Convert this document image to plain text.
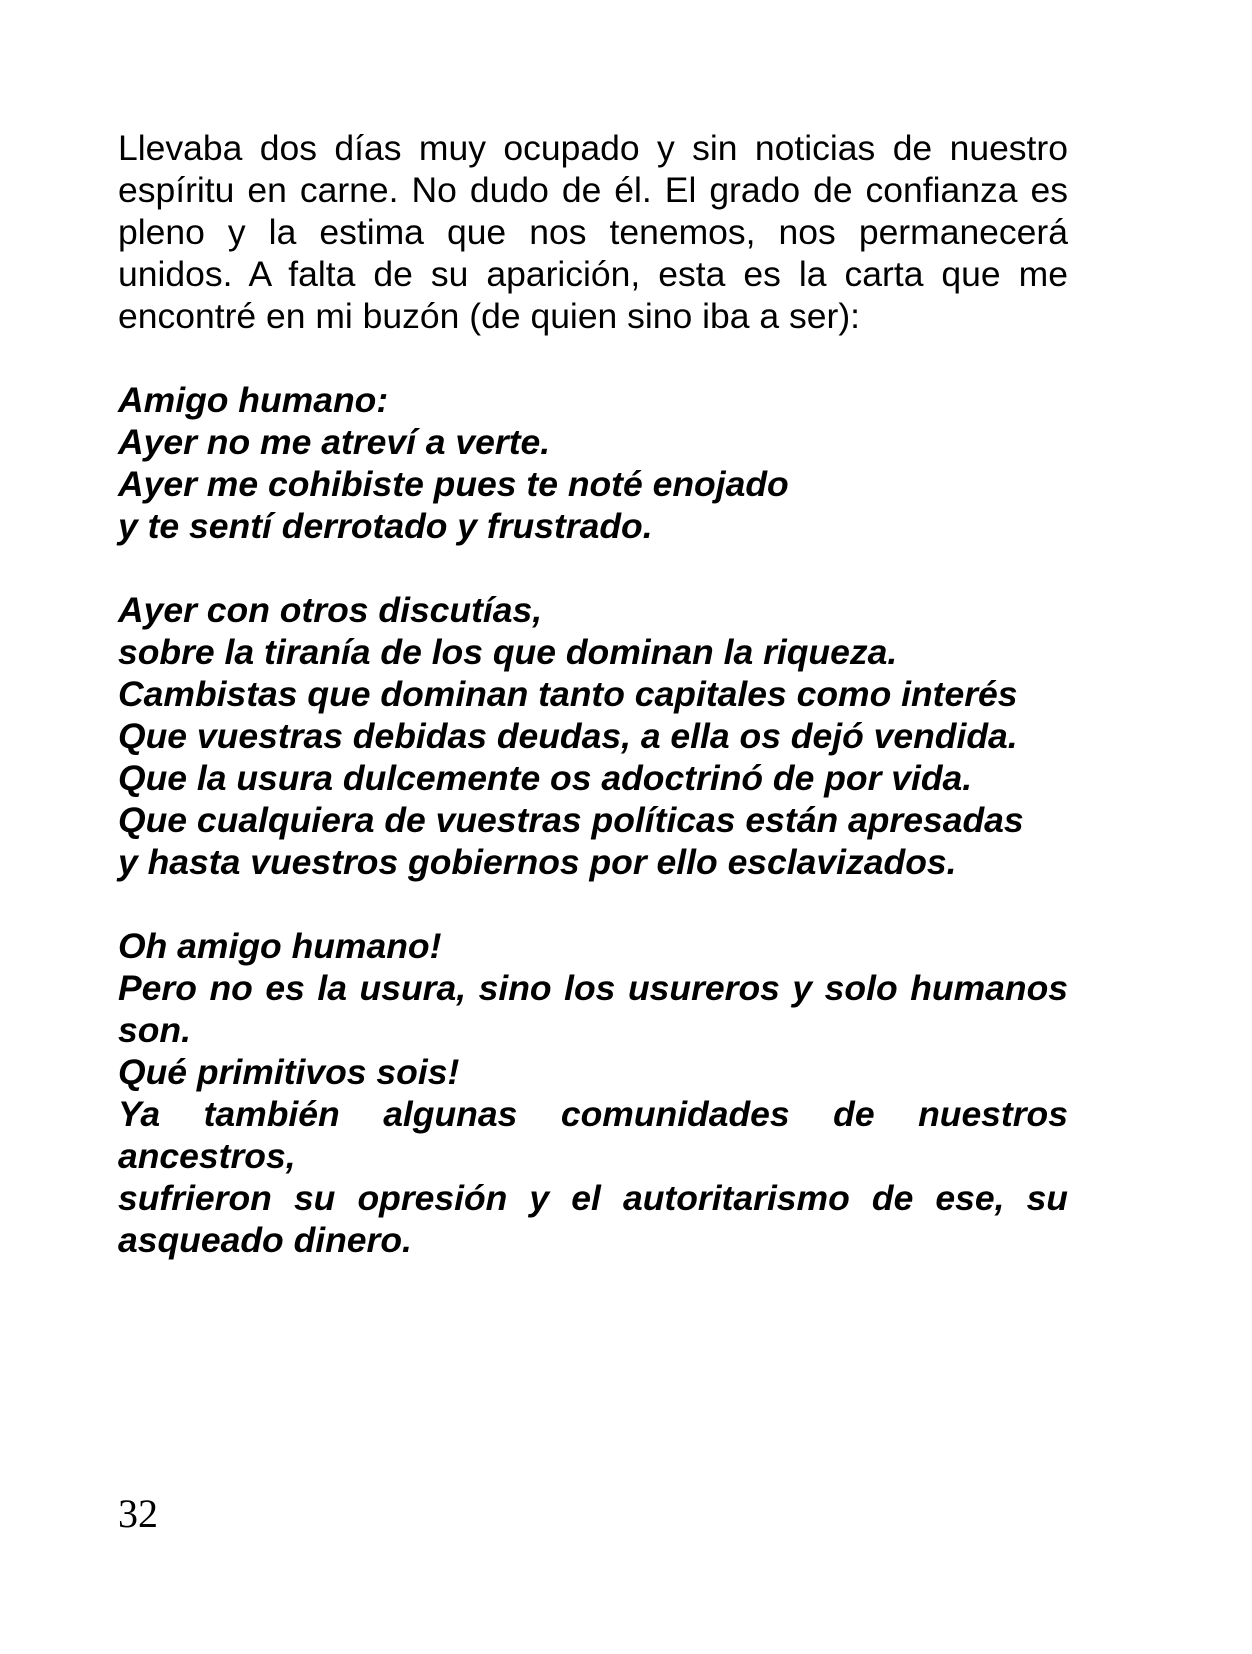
Llevaba dos días muy ocupado y sin noticias de nuestro espíritu en carne. No dudo de él. El grado de confianza es pleno y la estima que nos tenemos, nos permanecerá unidos. A falta de su aparición, esta es la carta que me encontré en mi buzón (de quien sino iba a ser):

Amigo humano:
Ayer no me atreví a verte.
Ayer me cohibiste pues te noté enojado
y te sentí derrotado y frustrado.
Ayer con otros discutías,
sobre la tiranía de los que dominan la riqueza.
Cambistas que dominan tanto capitales como interés
Que vuestras debidas deudas, a ella os dejó vendida.
Que la usura dulcemente os adoctrinó de por vida.
Que cualquiera de vuestras políticas están apresadas
y hasta vuestros gobiernos por ello esclavizados.
Oh amigo humano!
Pero no es la usura, sino los usureros y solo humanos son.
Qué primitivos sois!
Ya también algunas comunidades de nuestros ancestros,
sufrieron su opresión y el autoritarismo de ese, su asqueado dinero.
32
